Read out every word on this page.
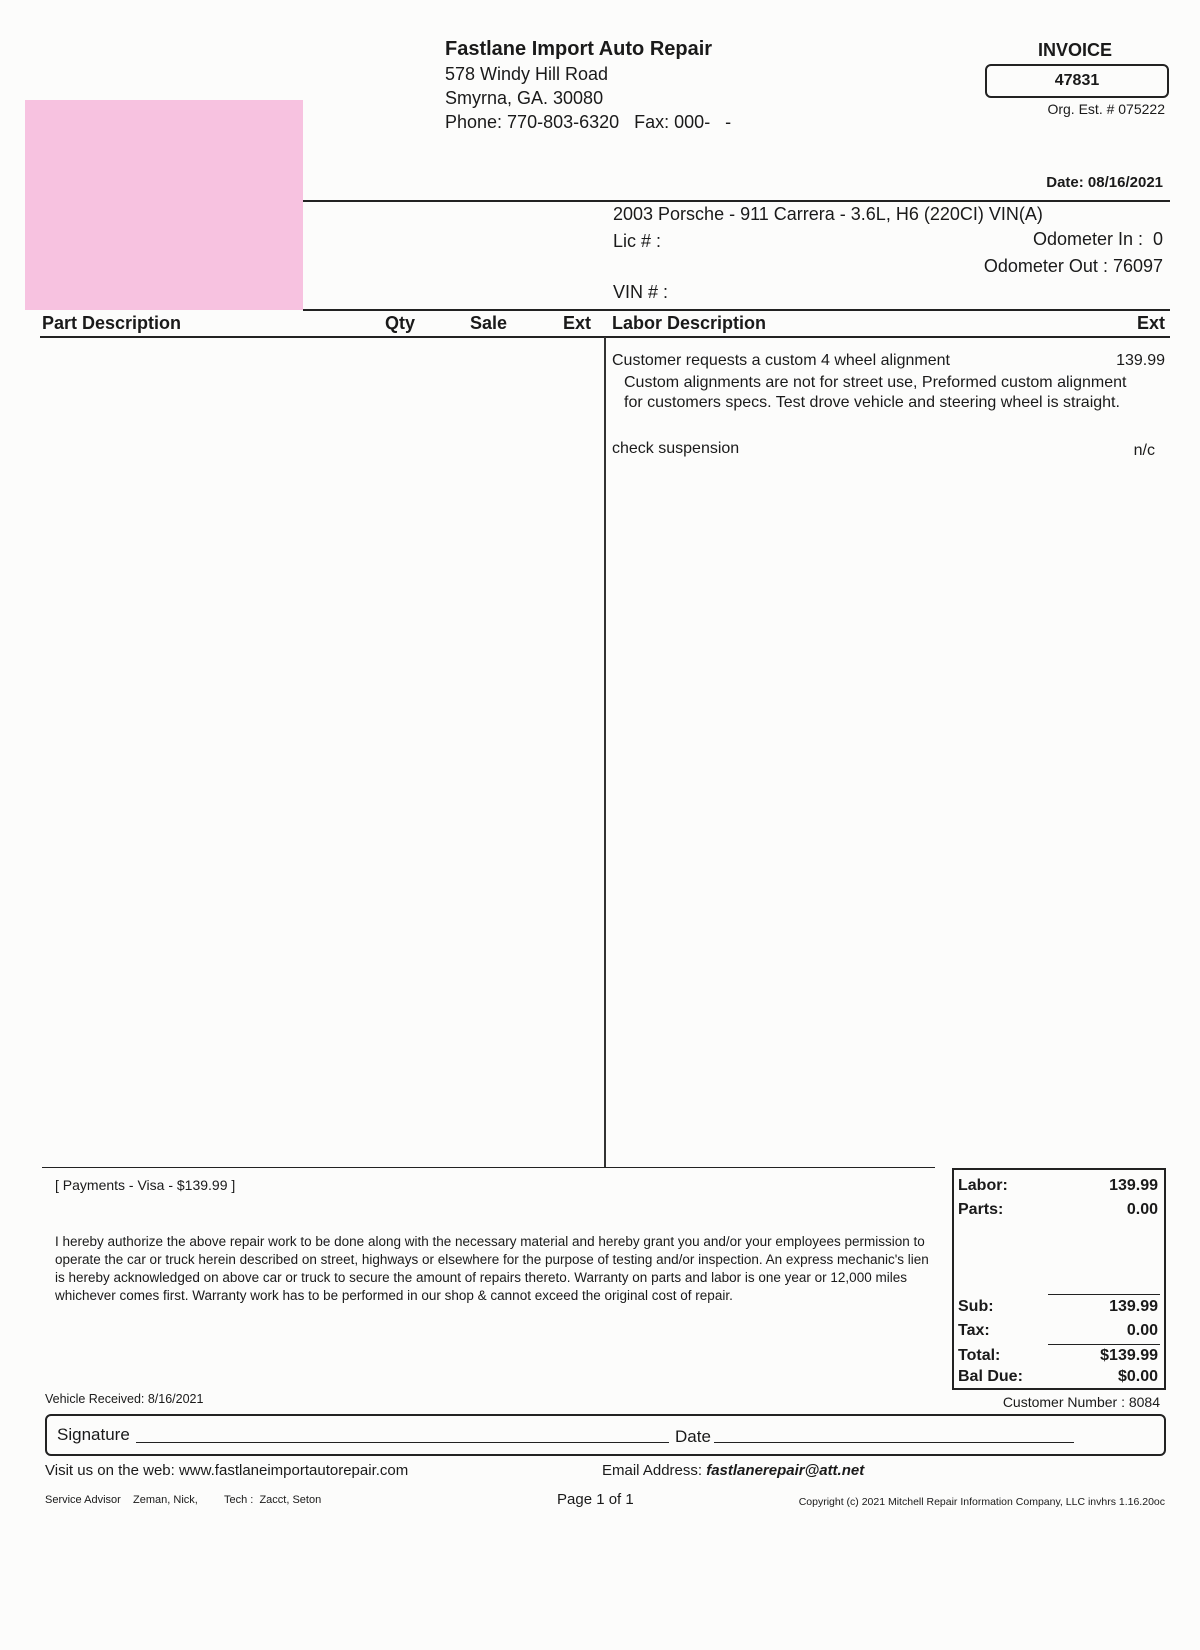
Fastlane Import Auto Repair
578 Windy Hill Road
Smyrna, GA. 30080
Phone: 770-803-6320   Fax: 000-   -
INVOICE
47831
Org. Est. # 075222
Date: 08/16/2021
2003 Porsche - 911 Carrera - 3.6L, H6 (220CI) VIN(A)
Lic # :	Odometer In :  0
Odometer Out : 76097
VIN # :
Part Description	Qty	Sale	Ext Labor Description	Ext
Customer requests a custom 4 wheel alignment	139.99
Custom alignments are not for street use, Preformed custom alignment for customers specs. Test drove vehicle and steering wheel is straight.
check suspension	n/c
[ Payments - Visa - $139.99 ]
I hereby authorize the above repair work to be done along with the necessary material and hereby grant you and/or your employees permission to operate the car or truck herein described on street, highways or elsewhere for the purpose of testing and/or inspection. An express mechanic's lien is hereby acknowledged on above car or truck to secure the amount of repairs thereto. Warranty on parts and labor is one year or 12,000 miles whichever comes first. Warranty work has to be performed in our shop & cannot exceed the original cost of repair.
Vehicle Received: 8/16/2021
Labor:	139.99
Parts:	0.00
Sub:	139.99
Tax:	0.00
Total:	$139.99
Bal Due:	$0.00
Customer Number : 8084
Signature	Date
Visit us on the web: www.fastlaneimportautorepair.com	Email Address: fastlanerepair@att.net
Service Advisor    Zeman, Nick, Tech :  Zacct, Seton	Page 1 of 1	Copyright (c) 2021 Mitchell Repair Information Company, LLC invhrs 1.16.20oc
